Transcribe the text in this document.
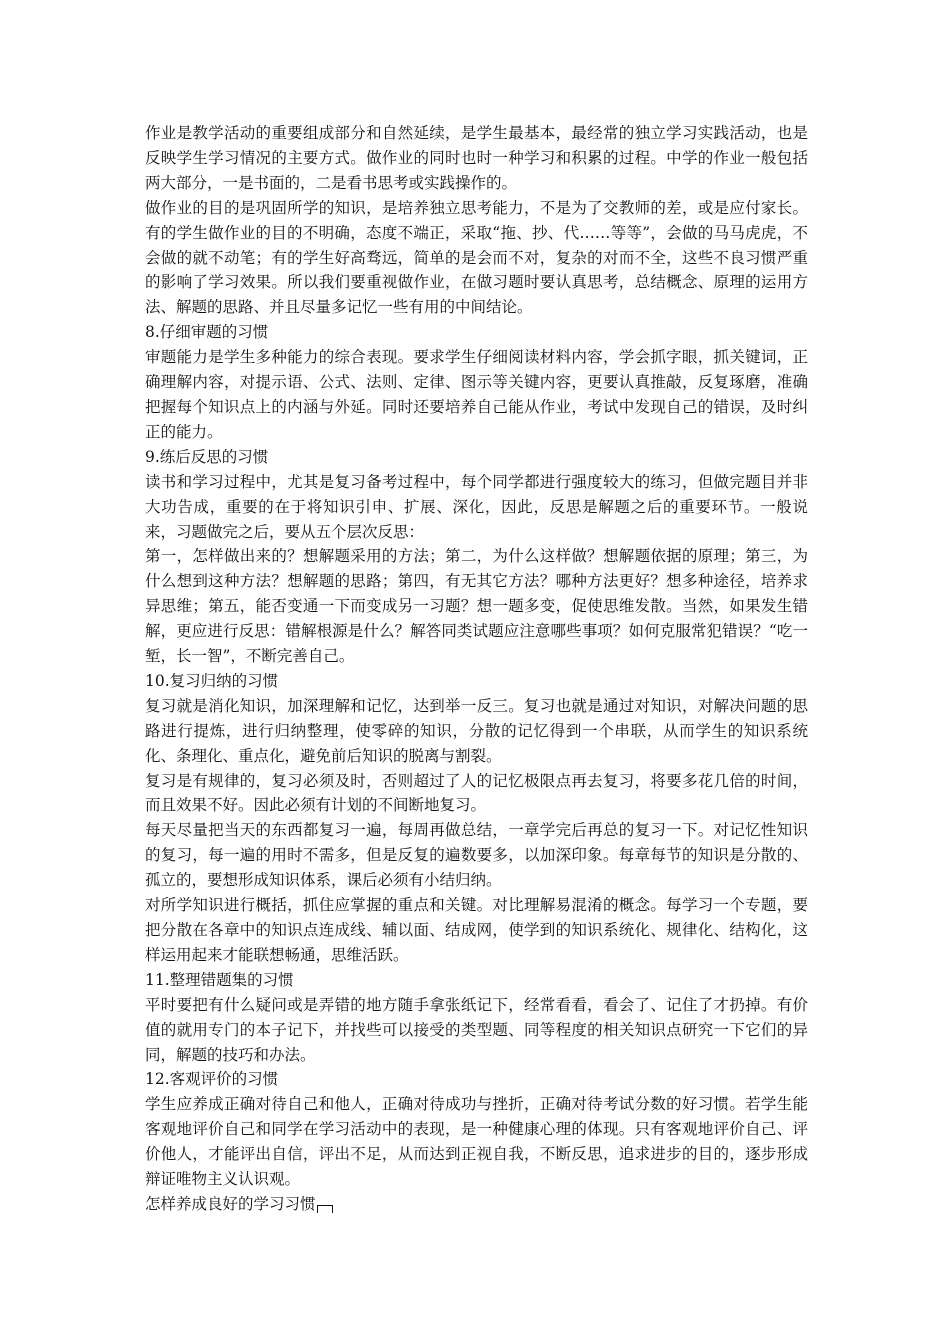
作业是教学活动的重要组成部分和自然延续，是学生最基本，最经常的独立学习实践活动，也是反映学生学习情况的主要方式。做作业的同时也时一种学习和积累的过程。中学的作业一般包括两大部分，一是书面的，二是看书思考或实践操作的。

做作业的目的是巩固所学的知识，是培养独立思考能力，不是为了交教师的差，或是应付家长。有的学生做作业的目的不明确，态度不端正，采取“拖、抄、代……等等”，会做的马马虎虎，不会做的就不动笔；有的学生好高骛远，简单的是会而不对，复杂的对而不全，这些不良习惯严重的影响了学习效果。所以我们要重视做作业，在做习题时要认真思考，总结概念、原理的运用方法、解题的思路、并且尽量多记忆一些有用的中间结论。

8.仔细审题的习惯

审题能力是学生多种能力的综合表现。要求学生仔细阅读材料内容，学会抓字眼，抓关键词，正确理解内容，对提示语、公式、法则、定律、图示等关键内容，更要认真推敲，反复琢磨，准确把握每个知识点上的内涵与外延。同时还要培养自己能从作业，考试中发现自己的错误，及时纠正的能力。

9.练后反思的习惯

读书和学习过程中，尤其是复习备考过程中，每个同学都进行强度较大的练习，但做完题目并非大功告成，重要的在于将知识引申、扩展、深化，因此，反思是解题之后的重要环节。一般说来，习题做完之后，要从五个层次反思：

第一，怎样做出来的？想解题采用的方法；第二，为什么这样做？想解题依据的原理；第三，为什么想到这种方法？想解题的思路；第四，有无其它方法？哪种方法更好？想多种途径，培养求异思维；第五，能否变通一下而变成另一习题？想一题多变，促使思维发散。当然，如果发生错解，更应进行反思：错解根源是什么？解答同类试题应注意哪些事项？如何克服常犯错误？“吃一堑，长一智”，不断完善自己。

10.复习归纳的习惯

复习就是消化知识，加深理解和记忆，达到举一反三。复习也就是通过对知识，对解决问题的思路进行提炼，进行归纳整理，使零碎的知识，分散的记忆得到一个串联，从而学生的知识系统化、条理化、重点化，避免前后知识的脱离与割裂。

复习是有规律的，复习必须及时，否则超过了人的记忆极限点再去复习，将要多花几倍的时间，而且效果不好。因此必须有计划的不间断地复习。

每天尽量把当天的东西都复习一遍，每周再做总结，一章学完后再总的复习一下。对记忆性知识的复习，每一遍的用时不需多，但是反复的遍数要多，以加深印象。每章每节的知识是分散的、孤立的，要想形成知识体系，课后必须有小结归纳。

对所学知识进行概括，抓住应掌握的重点和关键。对比理解易混淆的概念。每学习一个专题，要把分散在各章中的知识点连成线、辅以面、结成网，使学到的知识系统化、规律化、结构化，这样运用起来才能联想畅通，思维活跃。

11.整理错题集的习惯

平时要把有什么疑问或是弄错的地方随手拿张纸记下，经常看看，看会了、记住了才扔掉。有价值的就用专门的本子记下，并找些可以接受的类型题、同等程度的相关知识点研究一下它们的异同，解题的技巧和办法。

12.客观评价的习惯

学生应养成正确对待自己和他人，正确对待成功与挫折，正确对待考试分数的好习惯。若学生能客观地评价自己和同学在学习活动中的表现，是一种健康心理的体现。只有客观地评价自己、评价他人，才能评出自信，评出不足，从而达到正视自我，不断反思，追求进步的目的，逐步形成辩证唯物主义认识观。

怎样养成良好的学习习惯
